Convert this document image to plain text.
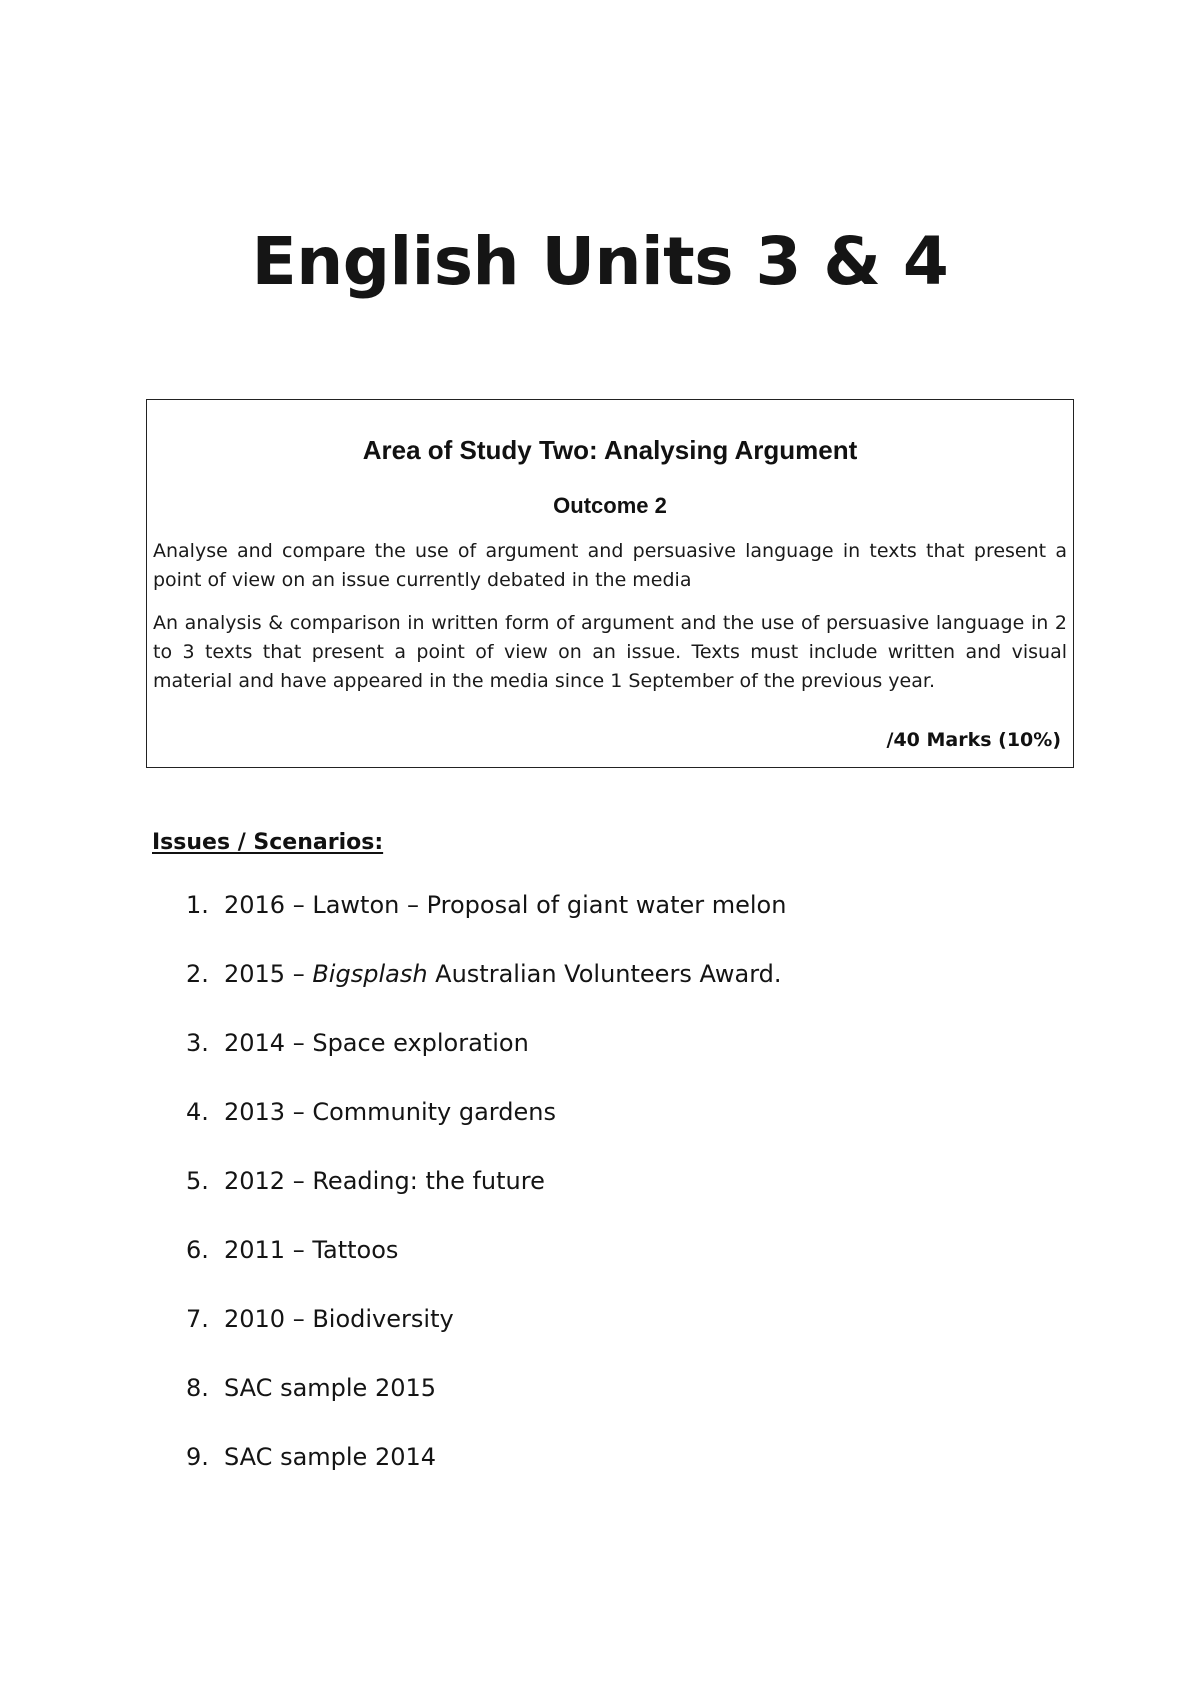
English Units 3 & 4
Area of Study Two: Analysing Argument
Outcome 2
Analyse and compare the use of argument and persuasive language in texts that present a point of view on an issue currently debated in the media
An analysis & comparison in written form of argument and the use of persuasive language in 2 to 3 texts that present a point of view on an issue. Texts must include written and visual material and have appeared in the media since 1 September of the previous year.
/40 Marks (10%)
Issues / Scenarios:
1. 2016 – Lawton – Proposal of giant water melon
2. 2015 – Bigsplash Australian Volunteers Award.
3. 2014 – Space exploration
4. 2013 – Community gardens
5. 2012 – Reading: the future
6. 2011 – Tattoos
7. 2010 – Biodiversity
8. SAC sample 2015
9. SAC sample 2014
